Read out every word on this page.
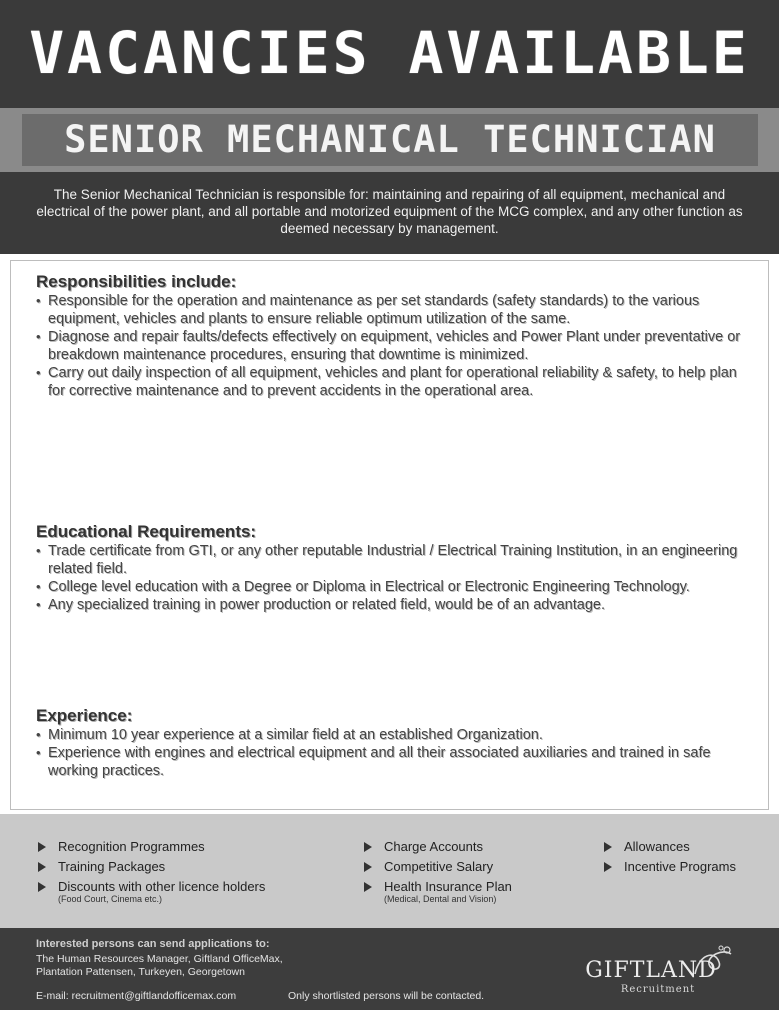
VACANCIES AVAILABLE
SENIOR MECHANICAL TECHNICIAN
The Senior Mechanical Technician is responsible for: maintaining and repairing of all equipment, mechanical and electrical of the power plant, and all portable and motorized equipment of the MCG complex, and any other function as deemed necessary by management.
Responsibilities include:
• Responsible for the operation and maintenance as per set standards (safety standards) to the various equipment, vehicles and plants to ensure reliable optimum utilization of the same.
• Diagnose and repair faults/defects effectively on equipment, vehicles and Power Plant under preventative or breakdown maintenance procedures, ensuring that downtime is minimized.
• Carry out daily inspection of all equipment, vehicles and plant for operational reliability & safety, to help plan for corrective maintenance and to prevent accidents in the operational area.
Educational Requirements:
• Trade certificate from GTI, or any other reputable Industrial / Electrical Training Institution, in an engineering related field.
• College level education with a Degree or Diploma in Electrical or Electronic Engineering Technology.
• Any specialized training in power production or related field, would be of an advantage.
Experience:
• Minimum 10 year experience at a similar field at an established Organization.
• Experience with engines and electrical equipment and all their associated auxiliaries and trained in safe working practices.
Recognition Programmes
Training Packages
Discounts with other licence holders
(Food Court, Cinema etc.)
Charge Accounts
Competitive Salary
Health Insurance Plan
(Medical, Dental and Vision)
Allowances
Incentive Programs
Interested persons can send applications to:
The Human Resources Manager, Giftland OfficeMax,
Plantation Pattensen, Turkeyen, Georgetown
E-mail: recruitment@giftlandofficemax.com	Only shortlisted persons will be contacted.
GIFTLAND
Recruitment
